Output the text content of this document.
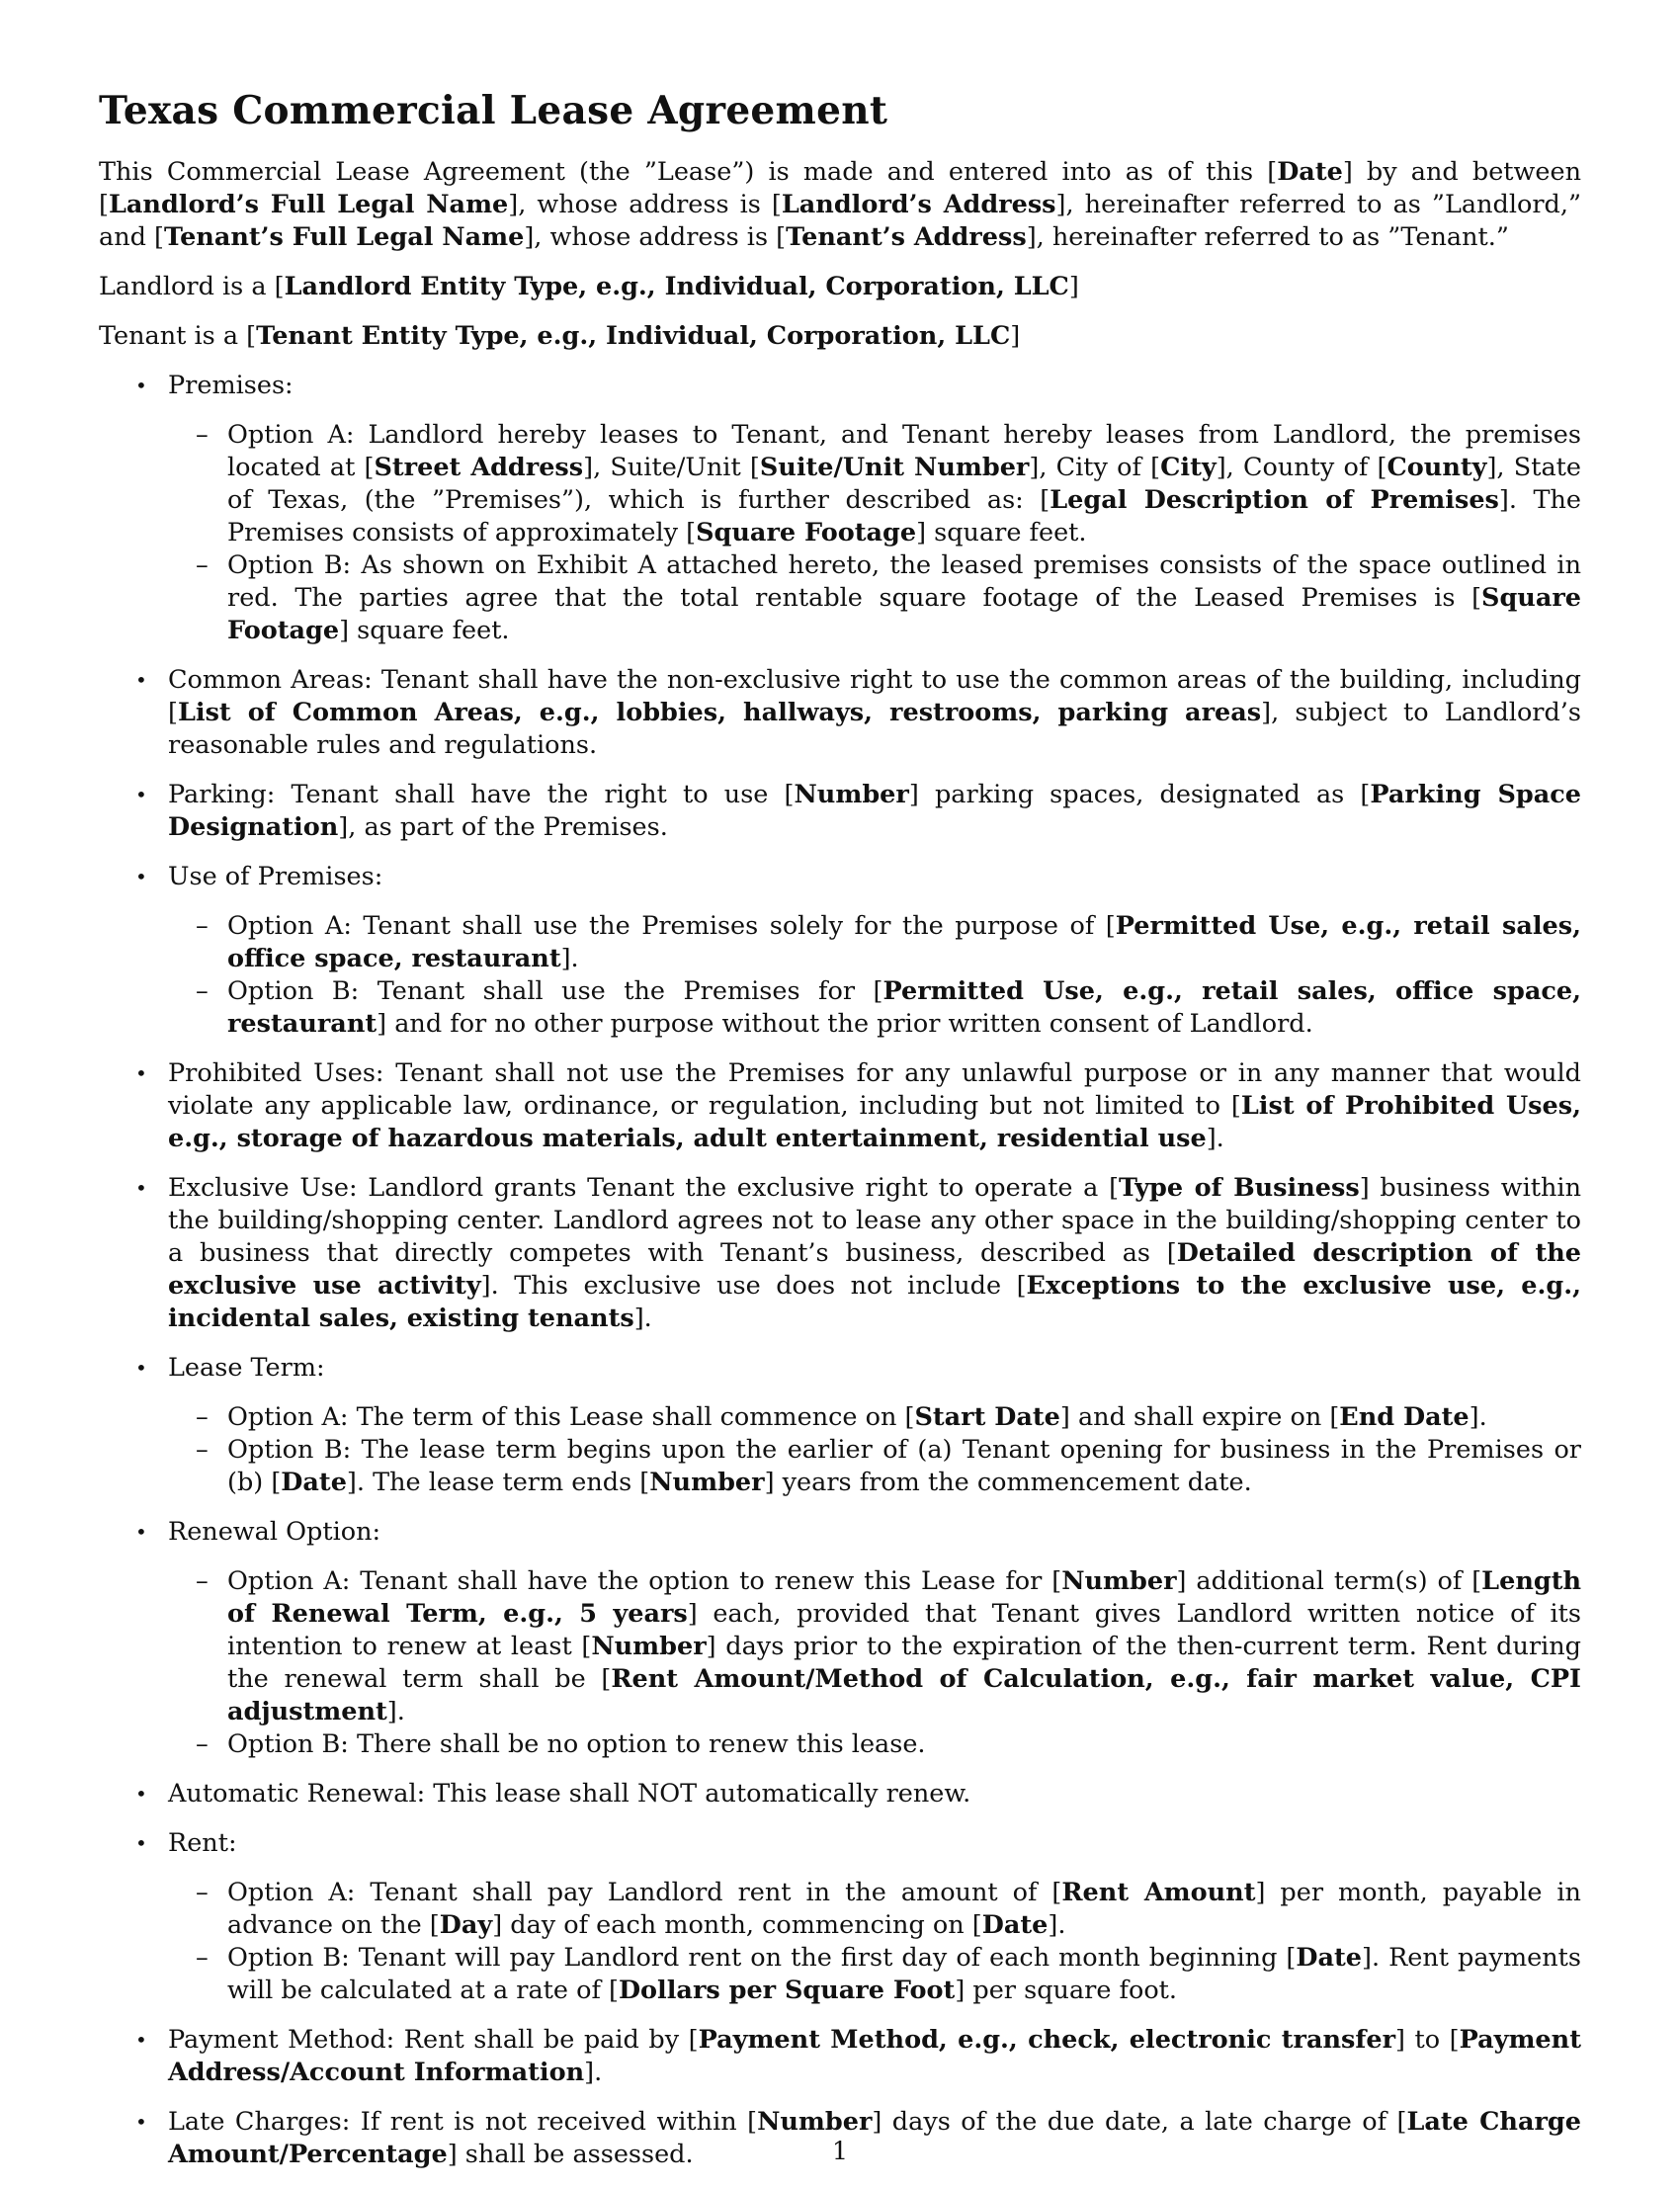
Texas Commercial Lease Agreement

This Commercial Lease Agreement (the ”Lease”) is made and entered into as of this [Date] by and between [Landlord’s Full Legal Name], whose address is [Landlord’s Address], hereinafter referred to as ”Landlord,” and [Tenant’s Full Legal Name], whose address is [Tenant’s Address], hereinafter referred to as ”Tenant.”

Landlord is a [Landlord Entity Type, e.g., Individual, Corporation, LLC]

Tenant is a [Tenant Entity Type, e.g., Individual, Corporation, LLC]

• Premises:
– Option A: Landlord hereby leases to Tenant, and Tenant hereby leases from Landlord, the premises located at [Street Address], Suite/Unit [Suite/Unit Number], City of [City], County of [County], State of Texas, (the ”Premises”), which is further described as: [Legal Description of Premises]. The Premises consists of approximately [Square Footage] square feet.
– Option B: As shown on Exhibit A attached hereto, the leased premises consists of the space outlined in red. The parties agree that the total rentable square footage of the Leased Premises is [Square Footage] square feet.
• Common Areas: Tenant shall have the non-exclusive right to use the common areas of the building, including [List of Common Areas, e.g., lobbies, hallways, restrooms, parking areas], subject to Landlord’s reasonable rules and regulations.
• Parking: Tenant shall have the right to use [Number] parking spaces, designated as [Parking Space Designation], as part of the Premises.
• Use of Premises:
– Option A: Tenant shall use the Premises solely for the purpose of [Permitted Use, e.g., retail sales, office space, restaurant].
– Option B: Tenant shall use the Premises for [Permitted Use, e.g., retail sales, office space, restaurant] and for no other purpose without the prior written consent of Landlord.
• Prohibited Uses: Tenant shall not use the Premises for any unlawful purpose or in any manner that would violate any applicable law, ordinance, or regulation, including but not limited to [List of Prohibited Uses, e.g., storage of hazardous materials, adult entertainment, residential use].
• Exclusive Use: Landlord grants Tenant the exclusive right to operate a [Type of Business] business within the building/shopping center. Landlord agrees not to lease any other space in the building/shopping center to a business that directly competes with Tenant’s business, described as [Detailed description of the exclusive use activity]. This exclusive use does not include [Exceptions to the exclusive use, e.g., incidental sales, existing tenants].
• Lease Term:
– Option A: The term of this Lease shall commence on [Start Date] and shall expire on [End Date].
– Option B: The lease term begins upon the earlier of (a) Tenant opening for business in the Premises or (b) [Date]. The lease term ends [Number] years from the commencement date.
• Renewal Option:
– Option A: Tenant shall have the option to renew this Lease for [Number] additional term(s) of [Length of Renewal Term, e.g., 5 years] each, provided that Tenant gives Landlord written notice of its intention to renew at least [Number] days prior to the expiration of the then-current term. Rent during the renewal term shall be [Rent Amount/Method of Calculation, e.g., fair market value, CPI adjustment].
– Option B: There shall be no option to renew this lease.
• Automatic Renewal: This lease shall NOT automatically renew.
• Rent:
– Option A: Tenant shall pay Landlord rent in the amount of [Rent Amount] per month, payable in advance on the [Day] day of each month, commencing on [Date].
– Option B: Tenant will pay Landlord rent on the first day of each month beginning [Date]. Rent payments will be calculated at a rate of [Dollars per Square Foot] per square foot.
• Payment Method: Rent shall be paid by [Payment Method, e.g., check, electronic transfer] to [Payment Address/Account Information].
• Late Charges: If rent is not received within [Number] days of the due date, a late charge of [Late Charge Amount/Percentage] shall be assessed.	1
